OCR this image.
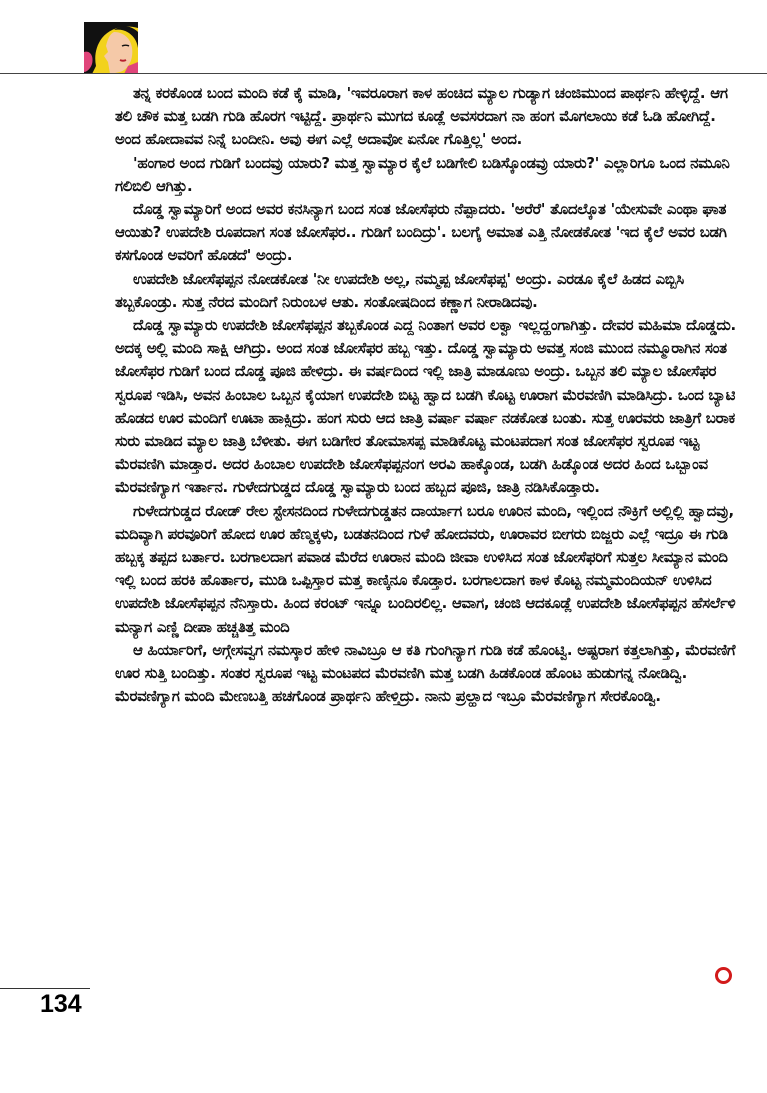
ತನ್ನ ಕರಕೊಂಡ ಬಂದ ಮಂದಿ ಕಡೆ ಕೈ ಮಾಡಿ, 'ಇವರೂರಾಗ ಕಾಳ ಹಂಚಿದ ಮ್ಯಾಲ ಗುಡ್ಯಾಗ ಚಂಜಿಮುಂದ ಪಾರ್ಥನಿ ಹೇಳ್ಳಿದ್ದೆ. ಆಗ ತಲಿ ಚೌಕ ಮತ್ತ ಬಡಗಿ ಗುಡಿ ಹೊರಗ ಇಟ್ಟಿದ್ದೆ. ಪ್ರಾರ್ಥನಿ ಮುಗದ ಕೂಡ್ಲೆ ಅವಸರದಾಗ ನಾ ಹಂಗ ಮೊಗಲಾಯಿ ಕಡೆ ಓಡಿ ಹೋಗಿದ್ದೆ. ಅಂದ ಹೋದಾವವ ನಿನ್ನೆ ಬಂದೀನಿ. ಅವು ಈಗ ಎಲ್ಲೆ ಅದಾವೋ ಏನೋ ಗೊತ್ತಿಲ್ಲ' ಅಂದ.

'ಹಂಗಾರ ಅಂದ ಗುಡಿಗೆ ಬಂದವ್ರು ಯಾರು? ಮತ್ತ ಸ್ವಾಮ್ಯಾರ ಕೈಲೆ ಬಡಿಗೇಲಿ ಬಡಿಸ್ಕೊಂಡವ್ರು ಯಾರು?' ಎಲ್ಲಾರಿಗೂ ಒಂದ ನಮೂನಿ ಗಲಿಬಿಲಿ ಆಗಿತ್ತು.

ದೊಡ್ಡ ಸ್ವಾಮ್ಯಾರಿಗೆ ಅಂದ ಅವರ ಕನಸಿನ್ಯಾಗ ಬಂದ ಸಂತ ಜೋಸೆಫರು ನೆಪ್ಪಾದರು. 'ಅರೆರೆ' ತೊದಲ್ಕೊತ 'ಯೇಸುವೇ ಎಂಥಾ ಘಾತ ಆಯಿತು? ಉಪದೇಶಿ ರೂಪದಾಗ ಸಂತ ಜೋಸೆಫರ.. ಗುಡಿಗೆ ಬಂದಿದ್ರು'. ಬಲಗೈ ಅಮಾತ ಎತ್ತಿ ನೋಡಕೋತ 'ಇದ ಕೈಲೆ ಅವರ ಬಡಗಿ ಕಸಗೊಂಡ ಅವರಿಗೆ ಹೊಡದೆ' ಅಂದ್ರು.

ಉಪದೇಶಿ ಜೋಸೆಫಪ್ಪನ ನೋಡಕೋತ 'ನೀ ಉಪದೇಶಿ ಅಲ್ಲ, ನಮ್ಮಪ್ಪ ಜೋಸೆಫಪ್ಪ' ಅಂದ್ರು. ಎರಡೂ ಕೈಲೆ ಹಿಡದ ಎಬ್ಬಿಸಿ ತಬ್ಬಕೊಂಡ್ರು. ಸುತ್ತ ನೆರದ ಮಂದಿಗೆ ನಿರುಂಬಳ ಆತು. ಸಂತೋಷದಿಂದ ಕಣ್ಣಾಗ ನೀರಾಡಿದವು.

ದೊಡ್ಡ ಸ್ವಾಮ್ಯಾರು ಉಪದೇಶಿ ಜೋಸೆಫಪ್ಪನ ತಬ್ಬಕೊಂಡ ಎದ್ದ ನಿಂತಾಗ ಅವರ ಲಕ್ವಾ ಇಲ್ಲದ್ಹಂಗಾಗಿತ್ತು. ದೇವರ ಮಹಿಮಾ ದೊಡ್ಡದು. ಅದಕ್ಕ ಅಲ್ಲಿ ಮಂದಿ ಸಾಕ್ಷಿ ಆಗಿದ್ರು. ಅಂದ ಸಂತ ಜೋಸೆಫರ ಹಬ್ಬ ಇತ್ತು. ದೊಡ್ಡ ಸ್ವಾಮ್ಯಾರು ಅವತ್ತ ಸಂಜಿ ಮುಂದ ನಮ್ಮೂರಾಗಿನ ಸಂತ ಜೋಸೆಫರ ಗುಡಿಗೆ ಬಂದ ದೊಡ್ಡ ಪೂಜಿ ಹೇಳಿದ್ರು. ಈ ವರ್ಷದಿಂದ ಇಲ್ಲಿ ಜಾತ್ರಿ ಮಾಡೂಣು ಅಂದ್ರು. ಒಬ್ಬನ ತಲಿ ಮ್ಯಾಲ ಜೋಸೆಫರ ಸ್ವರೂಪ ಇಡಿಸಿ, ಅವನ ಹಿಂಬಾಲ ಒಬ್ಬನ ಕೈಯಾಗ ಉಪದೇಶಿ ಬಿಟ್ಟ ಹ್ವಾದ ಬಡಗಿ ಕೊಟ್ಟ ಊರಾಗ ಮೆರವಣಿಗಿ ಮಾಡಿಸಿದ್ರು. ಒಂದ ಬ್ಯಾಟಿ ಹೊಡದ ಊರ ಮಂದಿಗೆ ಊಟಾ ಹಾಕ್ಸಿದ್ರು. ಹಂಗ ಸುರು ಆದ ಜಾತ್ರಿ ವರ್ಷಾ ವರ್ಷಾ ನಡಕೋತ ಬಂತು. ಸುತ್ತ ಊರವರು ಜಾತ್ರಿಗೆ ಬರಾಕ ಸುರು ಮಾಡಿದ ಮ್ಯಾಲ ಜಾತ್ರಿ ಬೆಳೀತು. ಈಗ ಬಡಿಗೇರ ತೋಮಾಸಪ್ಪ ಮಾಡಿಕೊಟ್ಟ ಮಂಟಪದಾಗ ಸಂತ ಜೋಸೆಫರ ಸ್ವರೂಪ ಇಟ್ಟ ಮೆರವಣಿಗಿ ಮಾಡ್ತಾರ. ಅದರ ಹಿಂಬಾಲ ಉಪದೇಶಿ ಜೋಸೆಫಪ್ಪನಂಗ ಅರವಿ ಹಾಕ್ಕೊಂಡ, ಬಡಗಿ ಹಿಡ್ಕೊಂಡ ಅದರ ಹಿಂದ ಒಬ್ಬಾಂವ ಮೆರವಣಿಗ್ಯಾಗ ಇರ್ತಾನ. ಗುಳೇದಗುಡ್ಡದ ದೊಡ್ಡ ಸ್ವಾಮ್ಯಾರು ಬಂದ ಹಬ್ಬದ ಪೂಜಿ, ಜಾತ್ರಿ ನಡಿಸಿಕೊಡ್ತಾರು.

ಗುಳೇದಗುಡ್ಡದ ರೋಡ್ ರೇಲ ಸ್ಟೇಸನದಿಂದ ಗುಳೇದಗುಡ್ಡತನ ದಾರ್ಯಾಗ ಬರೂ ಊರಿನ ಮಂದಿ, ಇಲ್ಲಿಂದ ನೌಕ್ರಿಗೆ ಅಲ್ಲಿಲ್ಲಿ ಹ್ವಾದವ್ರು, ಮದಿವ್ಯಾಗಿ ಪರವೂರಿಗೆ ಹೋದ ಊರ ಹೆಣ್ಮಕ್ಕಳು, ಬಡತನದಿಂದ ಗುಳೆ ಹೋದವರು, ಊರಾವರ ಬೀಗರು ಬಿಜ್ಜರು ಎಲ್ಲೆ ಇದ್ರೂ ಈ ಗುಡಿ ಹಬ್ಬಕ್ಕ ತಪ್ಪದ ಬರ್ತಾರ. ಬರಗಾಲದಾಗ ಪವಾಡ ಮೆರೆದ ಊರಾನ ಮಂದಿ ಜೀವಾ ಉಳಿಸಿದ ಸಂತ ಜೋಸೆಫರಿಗೆ ಸುತ್ತಲ ಸೀಮ್ಯಾನ ಮಂದಿ ಇಲ್ಲಿ ಬಂದ ಹರಕಿ ಹೊರ್ತಾರ, ಮುಡಿ ಒಪ್ಪಿಸ್ತಾರ ಮತ್ತ ಕಾಣ್ಕಿನೂ ಕೊಡ್ತಾರ. ಬರಗಾಲದಾಗ ಕಾಳ ಕೊಟ್ಟ ನಮ್ಮಮಂದಿಯನ್ ಉಳಿಸಿದ ಉಪದೇಶಿ ಜೋಸೆಫಪ್ಪನ ನೆನಿಸ್ತಾರು. ಹಿಂದ ಕರಂಟ್ ಇನ್ನೂ ಬಂದಿರಲಿಲ್ಲ. ಆವಾಗ, ಚಂಜಿ ಆದಕೂಡ್ಲೆ ಉಪದೇಶಿ ಜೋಸೆಫಪ್ಪನ ಹೆಸರ್ಲೆಳಿ ಮನ್ಯಾಗ ಎಣ್ಣಿ ದೀಪಾ ಹಚ್ಚತಿತ್ತ ಮಂದಿ

ಆ ಹಿರ್ಯಾರಿಗೆ, ಅಗ್ಗೇಸವ್ವಗ ನಮಸ್ಕಾರ ಹೇಳಿ ನಾವಿಬ್ರೂ ಆ ಕತಿ ಗುಂಗಿನ್ಯಾಗ ಗುಡಿ ಕಡೆ ಹೊಂಟ್ವಿ. ಅಷ್ಟರಾಗ ಕತ್ತಲಾಗಿತ್ತು, ಮೆರವಣಿಗೆ ಊರ ಸುತ್ತಿ ಬಂದಿತ್ತು. ಸಂತರ ಸ್ವರೂಪ ಇಟ್ಟ ಮಂಟಪದ ಮೆರವಣಿಗಿ ಮತ್ತ ಬಡಗಿ ಹಿಡಕೊಂಡ ಹೊಂಟ ಹುಡುಗನ್ನ ನೋಡಿದ್ವಿ. ಮೆರವಣಿಗ್ಯಾಗ ಮಂದಿ ಮೇಣಬತ್ತಿ ಹಚಗೊಂಡ ಪ್ರಾರ್ಥನಿ ಹೇಳ್ತಿದ್ರು. ನಾನು ಪ್ರಲ್ಹಾದ ಇಬ್ರೂ ಮೆರವಣಿಗ್ಯಾಗ ಸೇರಕೊಂಡ್ವಿ.

134
